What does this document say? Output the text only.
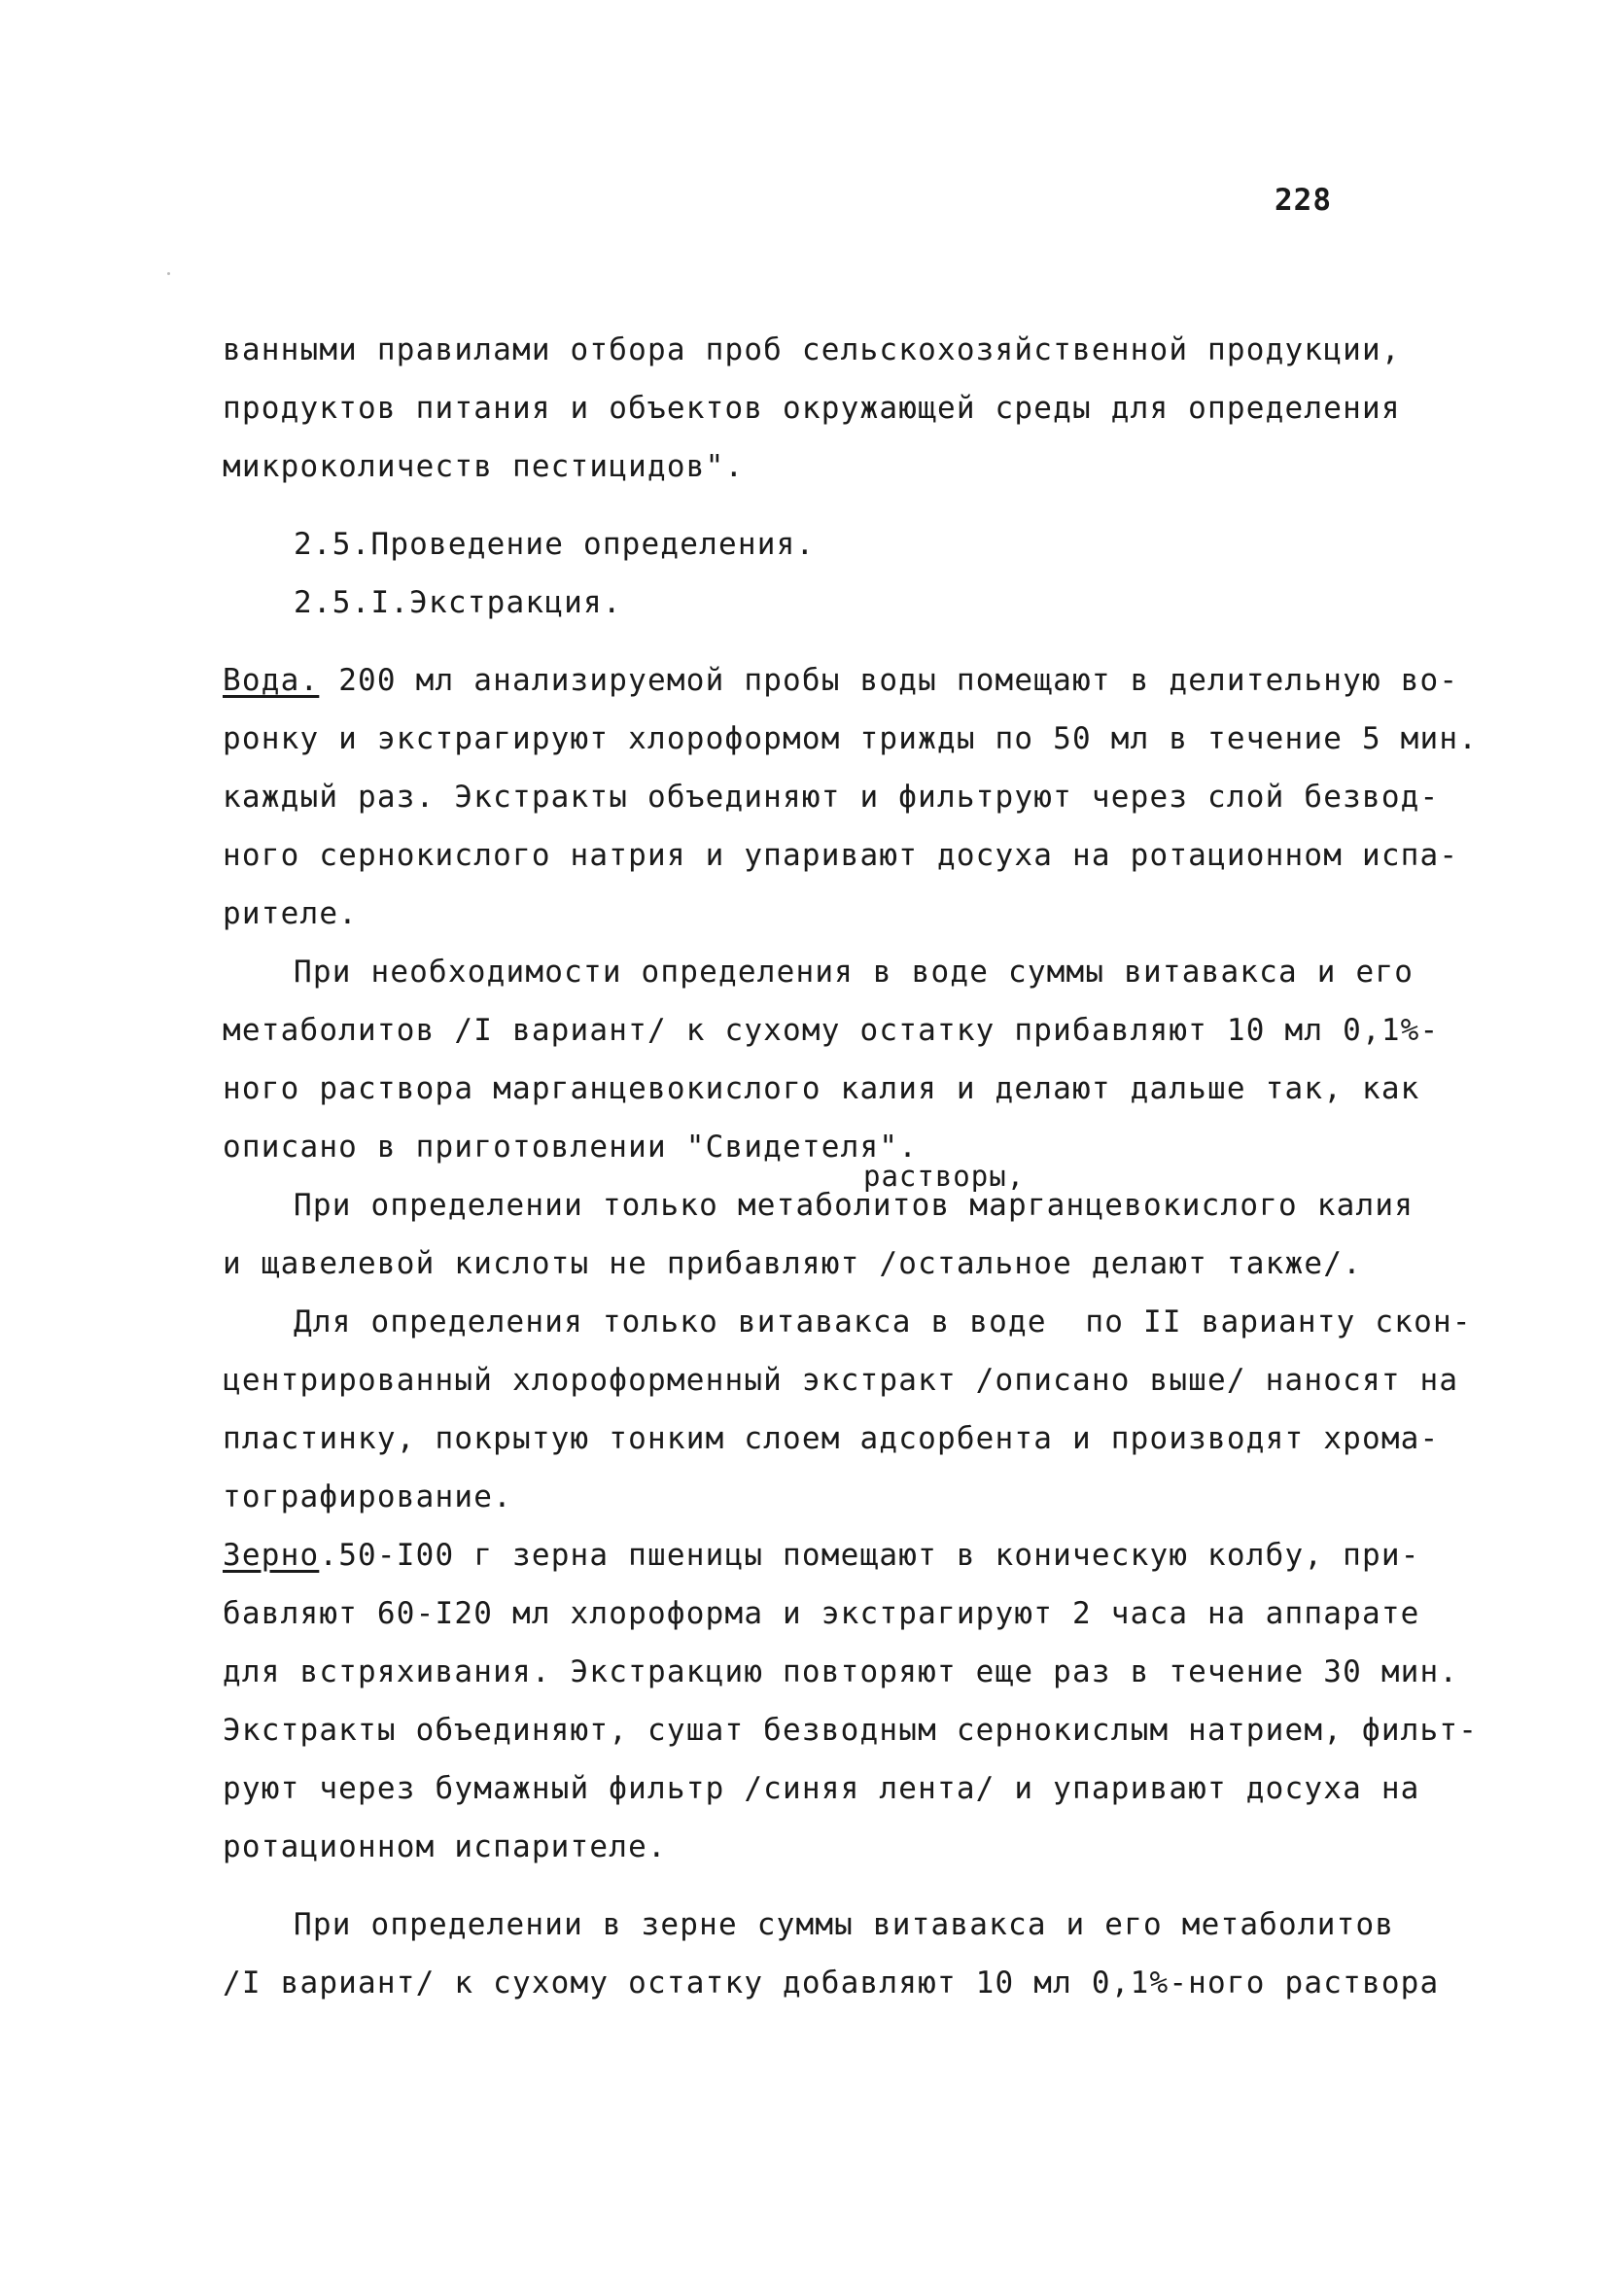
228
ванными правилами отбора проб сельскохозяйственной продукции,
продуктов питания и объектов окружающей среды для определения
микроколичеств пестицидов".
2.5.Проведение определения.
2.5.I.Экстракция.
Вода. 200 мл анализируемой пробы воды помещают в делительную во-
ронку и экстрагируют хлороформом трижды по 50 мл в течение 5 мин.
каждый раз. Экстракты объединяют и фильтруют через слой безвод-
ного сернокислого натрия и упаривают досуха на ротационном испа-
рителе.
При необходимости определения в воде суммы витавакса и его
метаболитов /I вариант/ к сухому остатку прибавляют 10 мл 0,1%-
ного раствора марганцевокислого калия и делают дальше так, как
описано в приготовлении "Свидетеля".
растворы,
При определении только метаболитов марганцевокислого калия
и щавелевой кислоты не прибавляют /остальное делают также/.
Для определения только витавакса в воде  по II варианту скон-
центрированный хлороформенный экстракт /описано выше/ наносят на
пластинку, покрытую тонким слоем адсорбента и производят хрома-
тографирование.
Зерно.50-I00 г зерна пшеницы помещают в коническую колбу, при-
бавляют 60-I20 мл хлороформа и экстрагируют 2 часа на аппарате
для встряхивания. Экстракцию повторяют еще раз в течение 30 мин.
Экстракты объединяют, сушат безводным сернокислым натрием, фильт-
руют через бумажный фильтр /синяя лента/ и упаривают досуха на
ротационном испарителе.
При определении в зерне суммы витавакса и его метаболитов
/I вариант/ к сухому остатку добавляют 10 мл 0,1%-ного раствора
